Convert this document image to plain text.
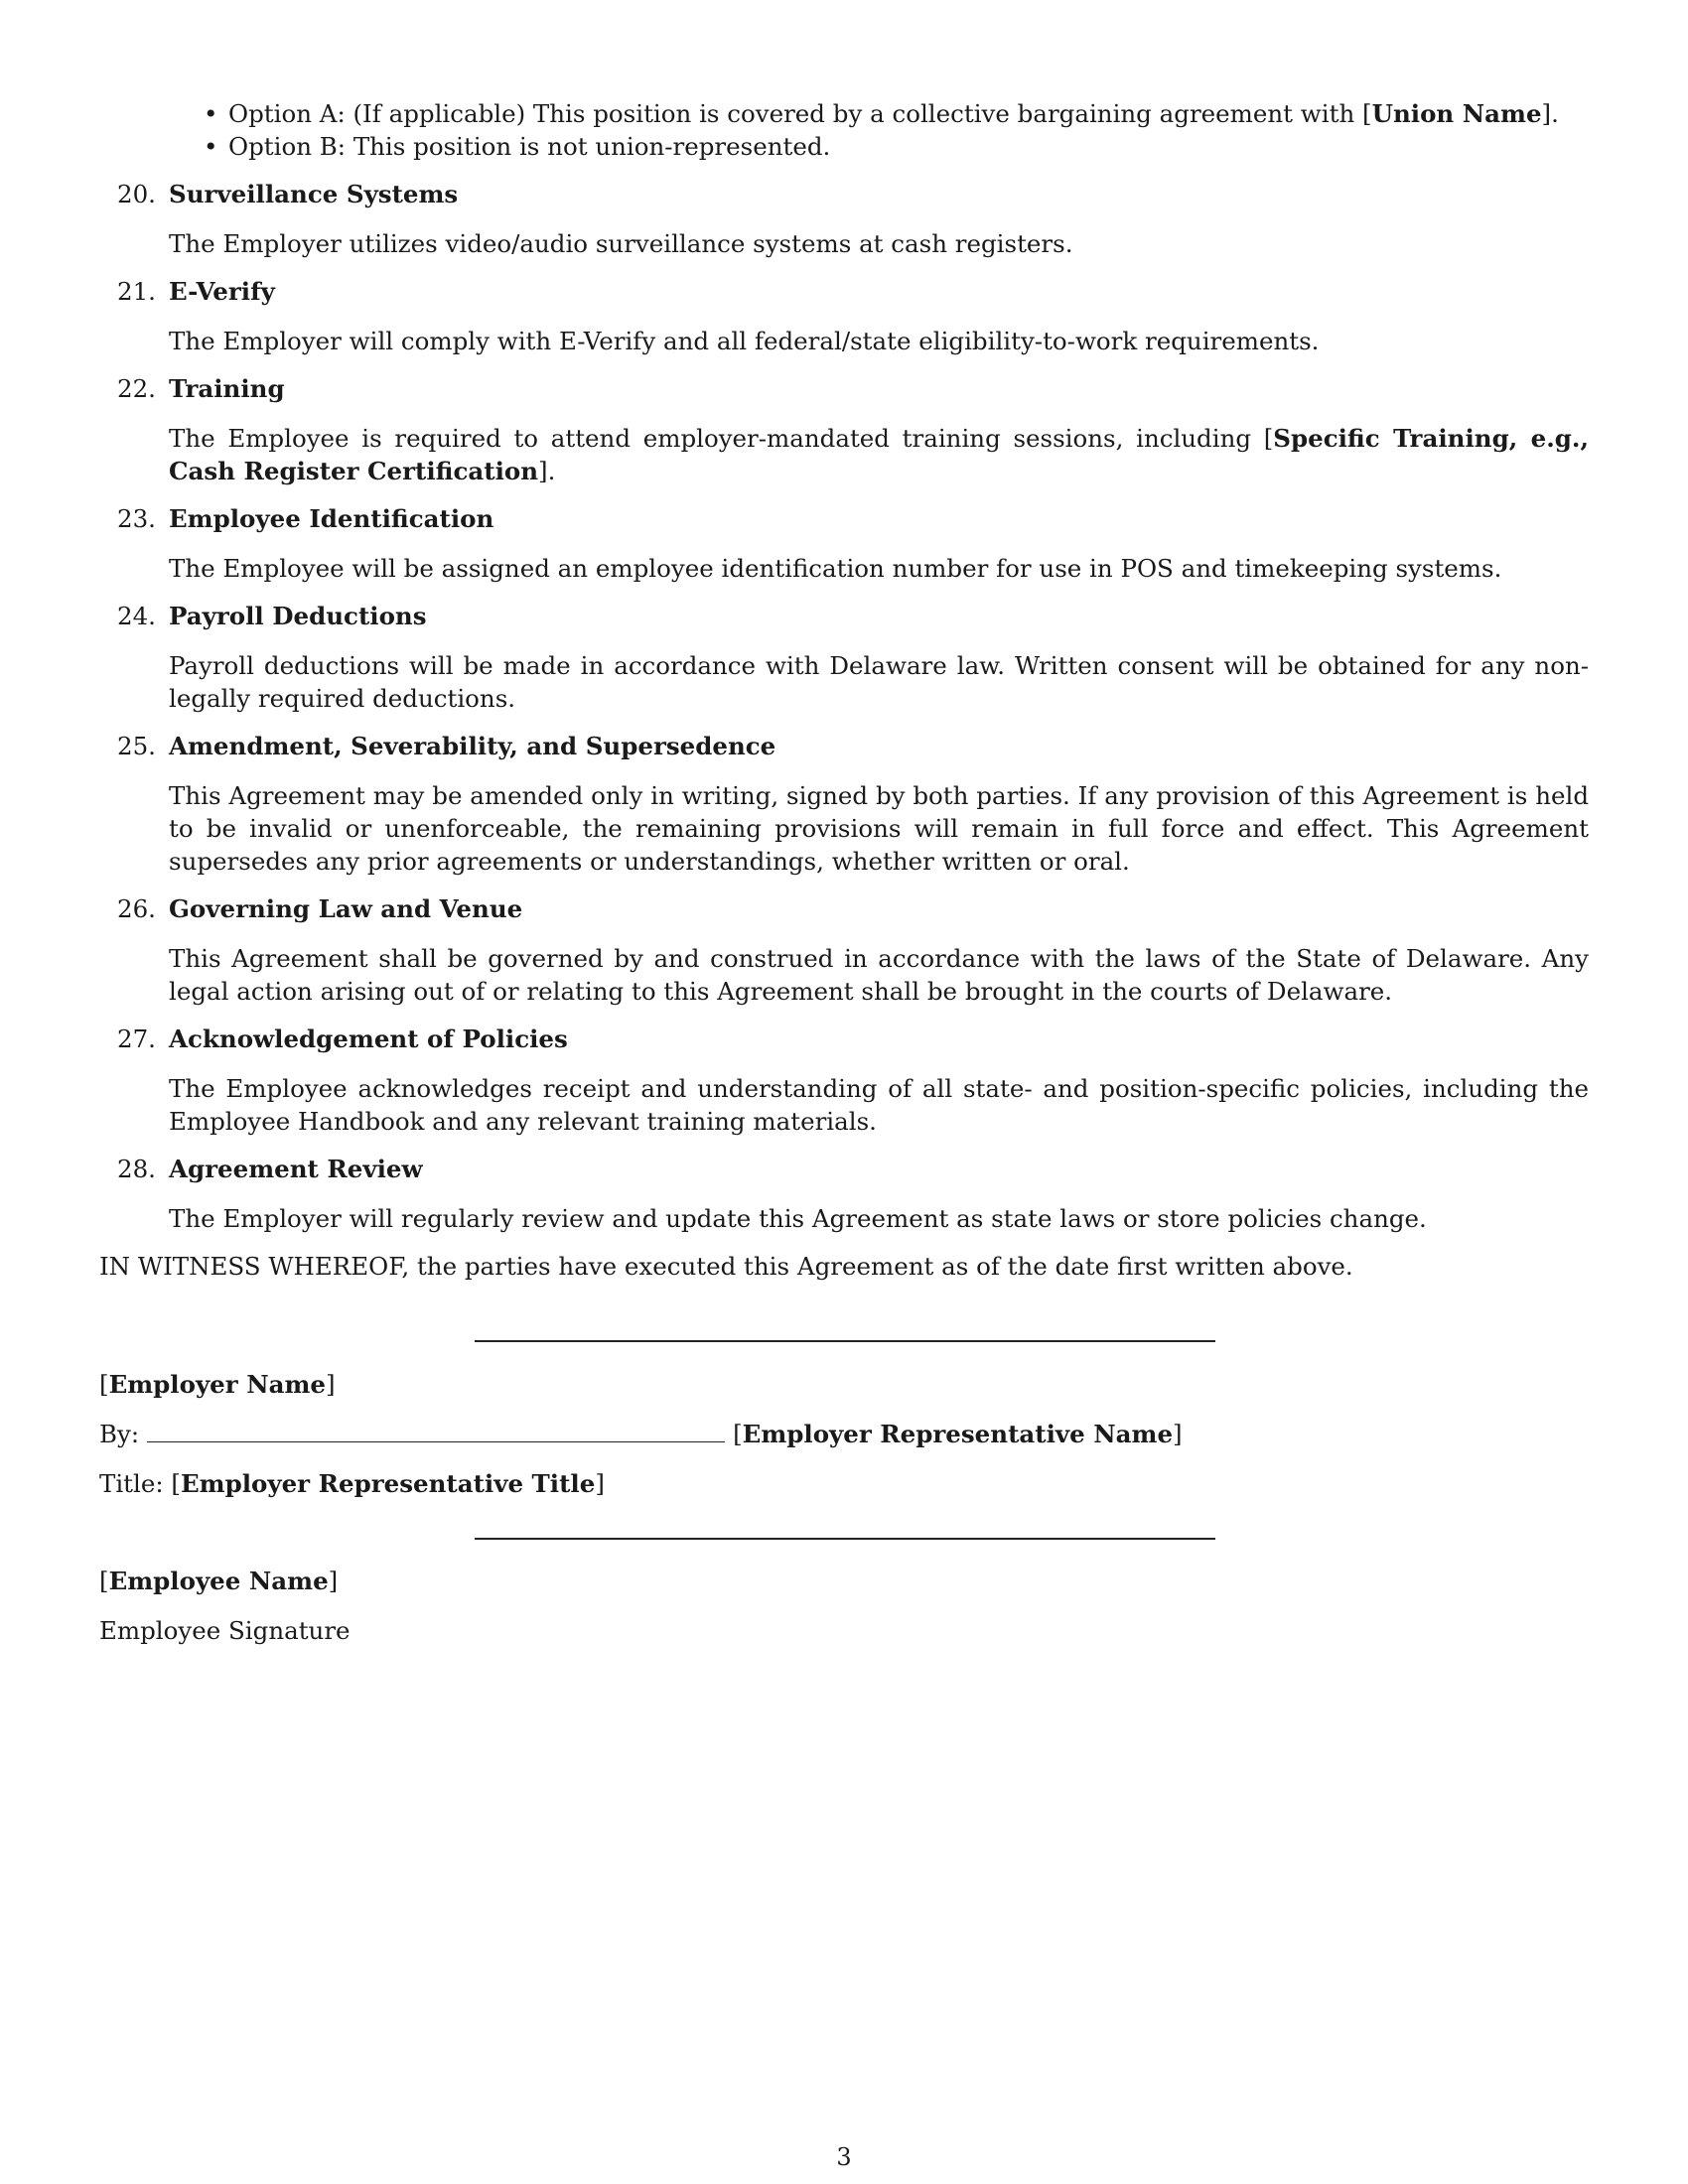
• Option A: (If applicable) This position is covered by a collective bargaining agreement with [Union Name].
• Option B: This position is not union-represented.
20. Surveillance Systems
The Employer utilizes video/audio surveillance systems at cash registers.
21. E-Verify
The Employer will comply with E-Verify and all federal/state eligibility-to-work requirements.
22. Training
The Employee is required to attend employer-mandated training sessions, including [Specific Training, e.g., Cash Register Certification].
23. Employee Identification
The Employee will be assigned an employee identification number for use in POS and timekeeping systems.
24. Payroll Deductions
Payroll deductions will be made in accordance with Delaware law. Written consent will be obtained for any non-legally required deductions.
25. Amendment, Severability, and Supersedence
This Agreement may be amended only in writing, signed by both parties. If any provision of this Agreement is held to be invalid or unenforceable, the remaining provisions will remain in full force and effect. This Agreement supersedes any prior agreements or understandings, whether written or oral.
26. Governing Law and Venue
This Agreement shall be governed by and construed in accordance with the laws of the State of Delaware. Any legal action arising out of or relating to this Agreement shall be brought in the courts of Delaware.
27. Acknowledgement of Policies
The Employee acknowledges receipt and understanding of all state- and position-specific policies, including the Employee Handbook and any relevant training materials.
28. Agreement Review
The Employer will regularly review and update this Agreement as state laws or store policies change.
IN WITNESS WHEREOF, the parties have executed this Agreement as of the date first written above.
[Employer Name]
By:	[Employer Representative Name]
Title: [Employer Representative Title]
[Employee Name]
Employee Signature
3
